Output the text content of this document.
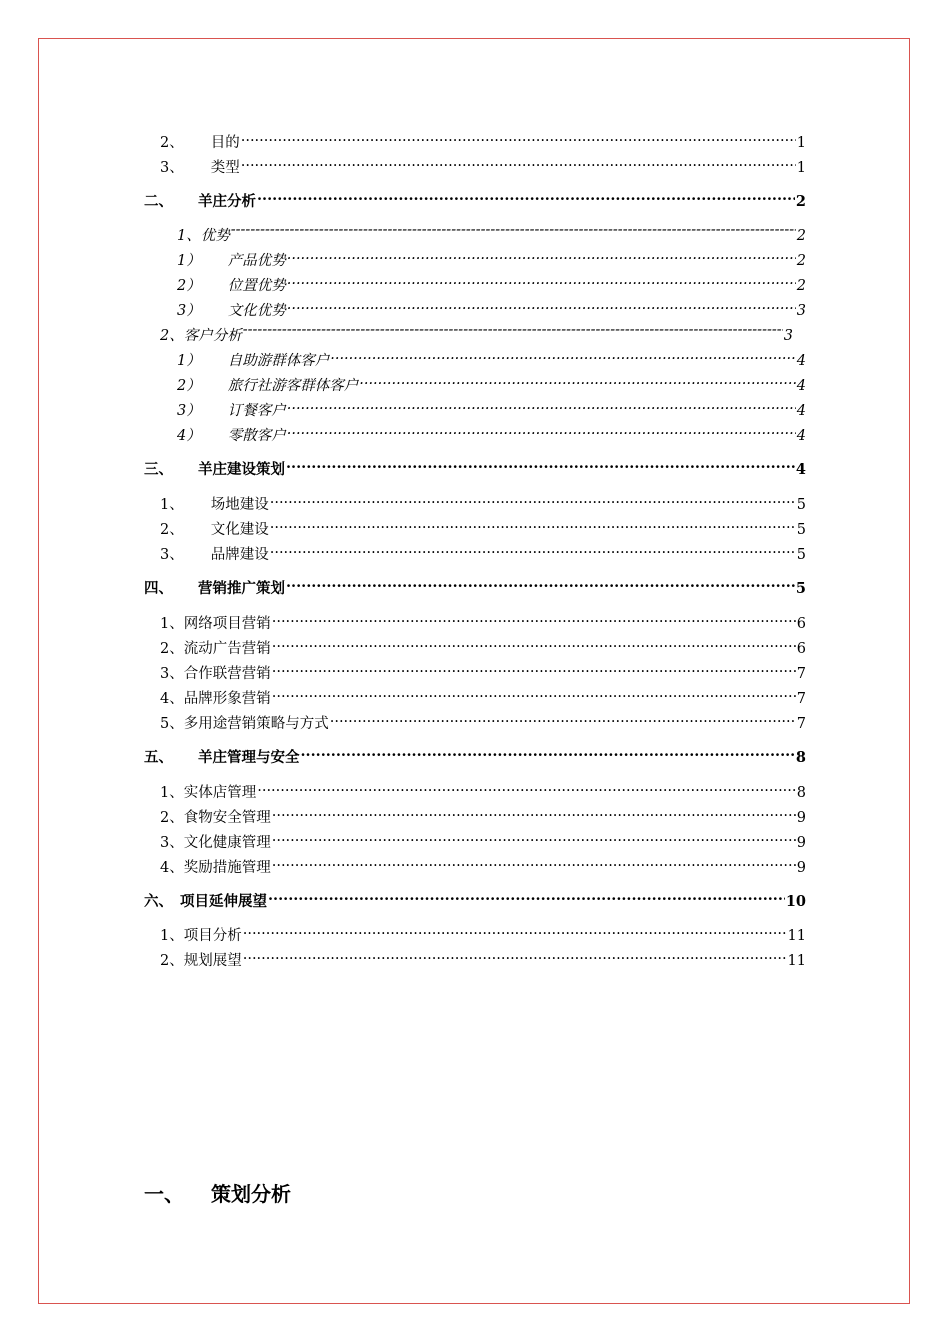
2、 目的 .....	1
3、 类型 .....	1
二、 羊庄分析 .....	2
1、 优势 -----	2
1） 产品优势 .....	2
2） 位置优势 .....	2
3） 文化优势 .....	3
2、 客户分析 -----	3
1） 自助游群体客户 .....	4
2） 旅行社游客群体客户 .....	4
3） 订餐客户 .....	4
4） 零散客户 .....	4
三、 羊庄建设策划 .....	4
1、 场地建设 .....	5
2、 文化建设 .....	5
3、 品牌建设 .....	5
四、 营销推广策划 .....	5
1、 网络项目营销 .....	6
2、 流动广告营销 .....	6
3、 合作联营营销 .....	7
4、 品牌形象营销 .....	7
5、 多用途营销策略与方式 .....	7
五、 羊庄管理与安全 .....	8
1、 实体店管理 .....	8
2、 食物安全管理 .....	9
3、 文化健康管理 .....	9
4、 奖励措施管理 .....	9
六、 项目延伸展望 .....	10
1、 项目分析 .....	11
2、 规划展望 .....	11
一、	策划分析
